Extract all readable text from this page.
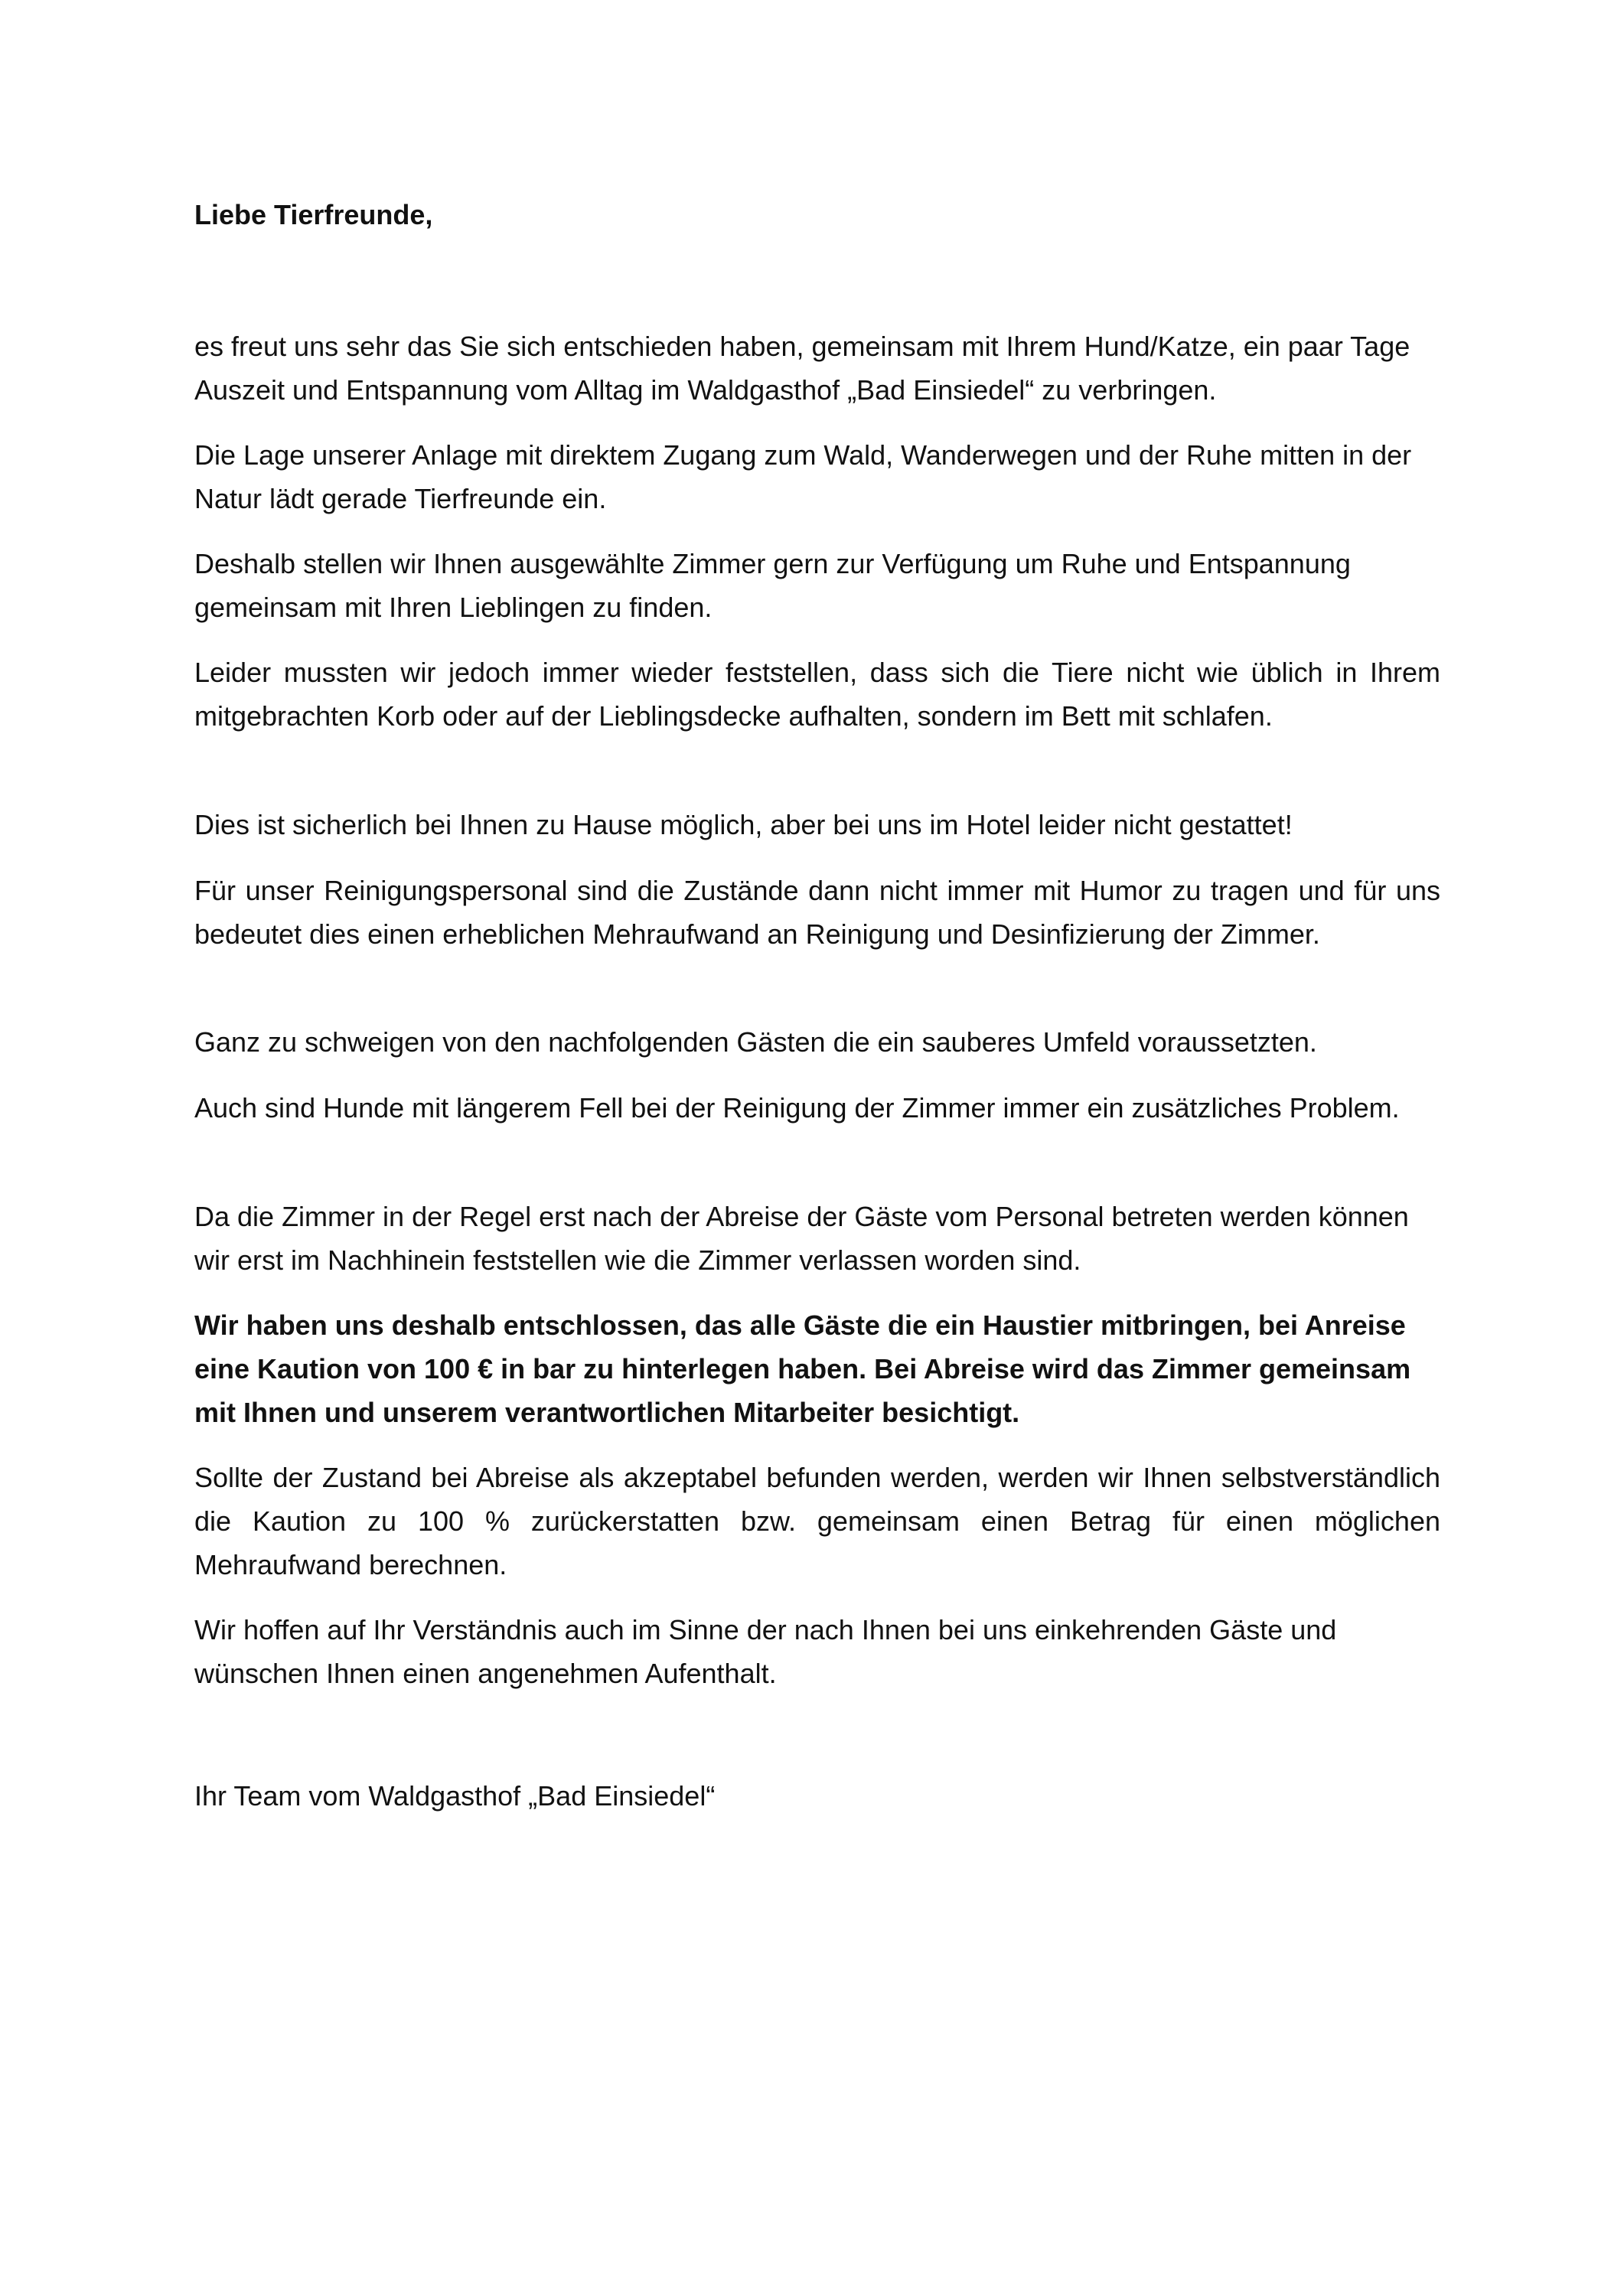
Liebe Tierfreunde,

es freut uns sehr das Sie sich entschieden haben, gemeinsam mit Ihrem Hund/Katze, ein paar Tage Auszeit und Entspannung vom Alltag im Waldgasthof „Bad Einsiedel“ zu verbringen.

Die Lage unserer Anlage mit direktem Zugang zum Wald, Wanderwegen und der Ruhe mitten in der Natur lädt gerade Tierfreunde ein.

Deshalb stellen wir Ihnen ausgewählte Zimmer gern zur Verfügung um Ruhe und Entspannung gemeinsam mit Ihren Lieblingen zu finden.

Leider mussten wir jedoch immer wieder feststellen, dass sich die Tiere nicht wie üblich in Ihrem mitgebrachten Korb oder auf der Lieblingsdecke aufhalten, sondern im Bett mit schlafen.

Dies ist sicherlich bei Ihnen zu Hause möglich, aber bei uns im Hotel leider nicht gestattet!

Für unser Reinigungspersonal sind die Zustände dann nicht immer mit Humor zu tragen und für uns bedeutet dies einen erheblichen Mehraufwand an Reinigung und Desinfizierung der Zimmer.

Ganz zu schweigen von den nachfolgenden Gästen die ein sauberes Umfeld voraussetzten.

Auch sind Hunde mit längerem Fell bei der Reinigung der Zimmer immer ein zusätzliches Problem.

Da die Zimmer in der Regel erst nach der Abreise der Gäste vom Personal betreten werden können wir erst im Nachhinein feststellen wie die Zimmer verlassen worden sind.

Wir haben uns deshalb entschlossen, das alle Gäste die ein Haustier mitbringen, bei Anreise eine Kaution von 100 € in bar zu hinterlegen haben. Bei Abreise wird das Zimmer gemeinsam mit Ihnen und unserem verantwortlichen Mitarbeiter besichtigt.

Sollte der Zustand bei Abreise als akzeptabel befunden werden, werden wir Ihnen selbstverständlich die Kaution zu 100 % zurückerstatten bzw. gemeinsam einen Betrag für einen möglichen Mehraufwand berechnen.

Wir hoffen auf Ihr Verständnis auch im Sinne der nach Ihnen bei uns einkehrenden Gäste und wünschen Ihnen einen angenehmen Aufenthalt.

Ihr Team vom Waldgasthof „Bad Einsiedel“
